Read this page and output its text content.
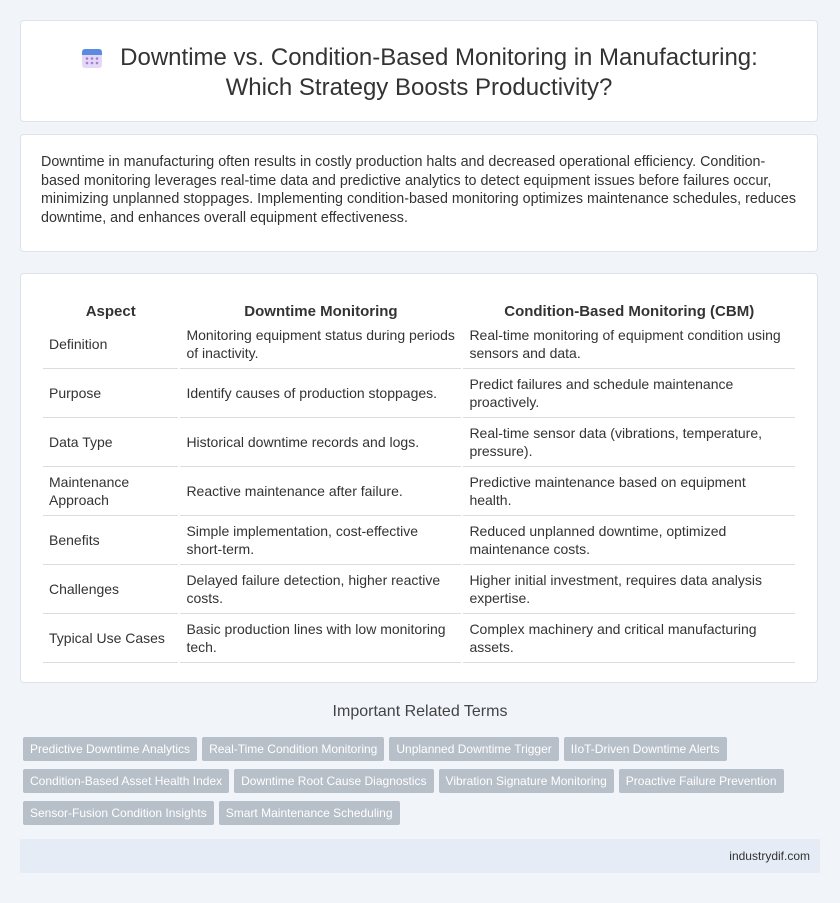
Downtime vs. Condition-Based Monitoring in Manufacturing:
Which Strategy Boosts Productivity?
Downtime in manufacturing often results in costly production halts and decreased operational efficiency. Condition-based monitoring leverages real-time data and predictive analytics to detect equipment issues before failures occur, minimizing unplanned stoppages. Implementing condition-based monitoring optimizes maintenance schedules, reduces downtime, and enhances overall equipment effectiveness.
Aspect	Downtime Monitoring	Condition-Based Monitoring (CBM)
Definition	Monitoring equipment status during periods of inactivity.	Real-time monitoring of equipment condition using sensors and data.
Purpose	Identify causes of production stoppages.	Predict failures and schedule maintenance proactively.
Data Type	Historical downtime records and logs.	Real-time sensor data (vibrations, temperature, pressure).
Maintenance Approach	Reactive maintenance after failure.	Predictive maintenance based on equipment health.
Benefits	Simple implementation, cost-effective short-term.	Reduced unplanned downtime, optimized maintenance costs.
Challenges	Delayed failure detection, higher reactive costs.	Higher initial investment, requires data analysis expertise.
Typical Use Cases	Basic production lines with low monitoring tech.	Complex machinery and critical manufacturing assets.
Important Related Terms
Predictive Downtime Analytics Real-Time Condition Monitoring Unplanned Downtime Trigger IIoT-Driven Downtime Alerts
Condition-Based Asset Health Index Downtime Root Cause Diagnostics Vibration Signature Monitoring Proactive Failure Prevention
Sensor-Fusion Condition Insights Smart Maintenance Scheduling
industrydif.com
